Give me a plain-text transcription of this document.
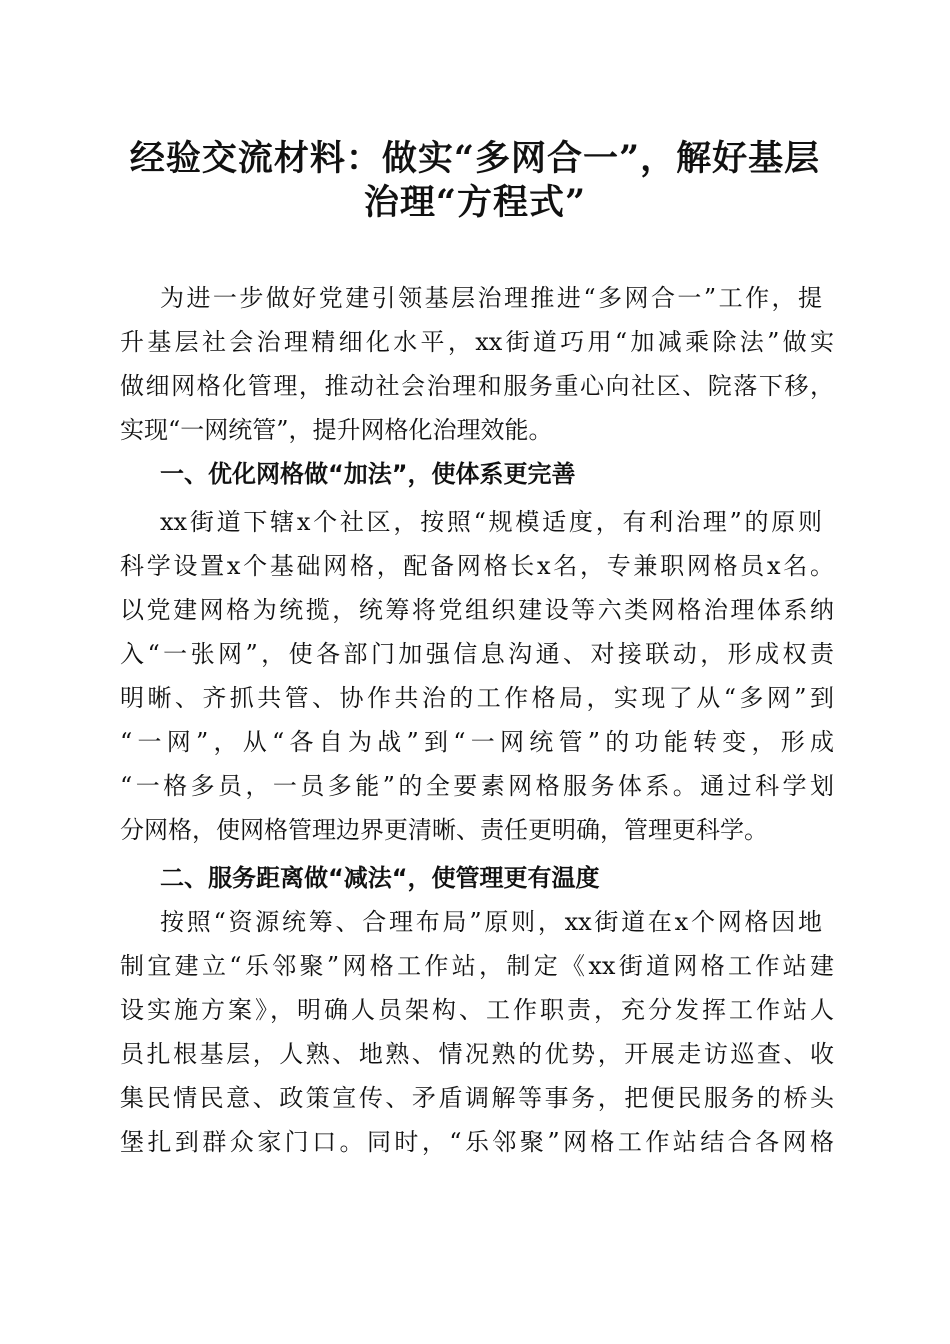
经验交流材料：做实“多网合一”，解好基层
治理“方程式”
为进一步做好党建引领基层治理推进“多网合一”工作，提
升基层社会治理精细化水平，xx街道巧用“加减乘除法”做实
做细网格化管理，推动社会治理和服务重心向社区、院落下移，
实现“一网统管”，提升网格化治理效能。
一、优化网格做“加法”，使体系更完善
xx街道下辖x个社区，按照“规模适度，有利治理”的原则
科学设置x个基础网格，配备网格长x名，专兼职网格员x名。
以党建网格为统揽，统筹将党组织建设等六类网格治理体系纳
入“一张网”，使各部门加强信息沟通、对接联动，形成权责
明晰、齐抓共管、协作共治的工作格局，实现了从“多网”到
“一网”，从“各自为战”到“一网统管”的功能转变，形成
“一格多员，一员多能”的全要素网格服务体系。通过科学划
分网格，使网格管理边界更清晰、责任更明确，管理更科学。
二、服务距离做“减法“，使管理更有温度
按照“资源统筹、合理布局”原则，xx街道在x个网格因地
制宜建立“乐邻聚”网格工作站，制定《xx街道网格工作站建
设实施方案》，明确人员架构、工作职责，充分发挥工作站人
员扎根基层，人熟、地熟、情况熟的优势，开展走访巡查、收
集民情民意、政策宣传、矛盾调解等事务，把便民服务的桥头
堡扎到群众家门口。同时，“乐邻聚”网格工作站结合各网格
